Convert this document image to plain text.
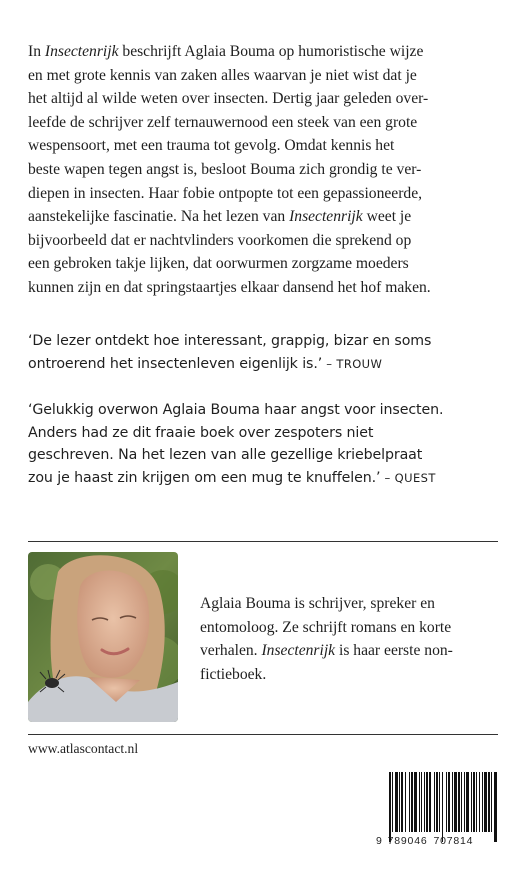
In Insectenrijk beschrijft Aglaia Bouma op humoristische wijze
en met grote kennis van zaken alles waarvan je niet wist dat je
het altijd al wilde weten over insecten. Dertig jaar geleden over-
leefde de schrijver zelf ternauwernood een steek van een grote
wespensoort, met een trauma tot gevolg. Omdat kennis het
beste wapen tegen angst is, besloot Bouma zich grondig te ver-
diepen in insecten. Haar fobie ontpopte tot een gepassioneerde,
aanstekelijke fascinatie. Na het lezen van Insectenrijk weet je
bijvoorbeeld dat er nachtvlinders voorkomen die sprekend op
een gebroken takje lijken, dat oorwurmen zorgzame moeders
kunnen zijn en dat springstaartjes elkaar dansend het hof maken.
‘De lezer ontdekt hoe interessant, grappig, bizar en soms
ontroerend het insectenleven eigenlijk is.’ – TROUW
‘Gelukkig overwon Aglaia Bouma haar angst voor insecten.
Anders had ze dit fraaie boek over zespoters niet
geschreven. Na het lezen van alle gezellige kriebelpraat
zou je haast zin krijgen om een mug te knuffelen.’ – QUEST
Aglaia Bouma is schrijver, spreker en
entomoloog. Ze schrijft romans en korte
verhalen. Insectenrijk is haar eerste non-
fictieboek.
www.atlascontact.nl
9 789046 707814
